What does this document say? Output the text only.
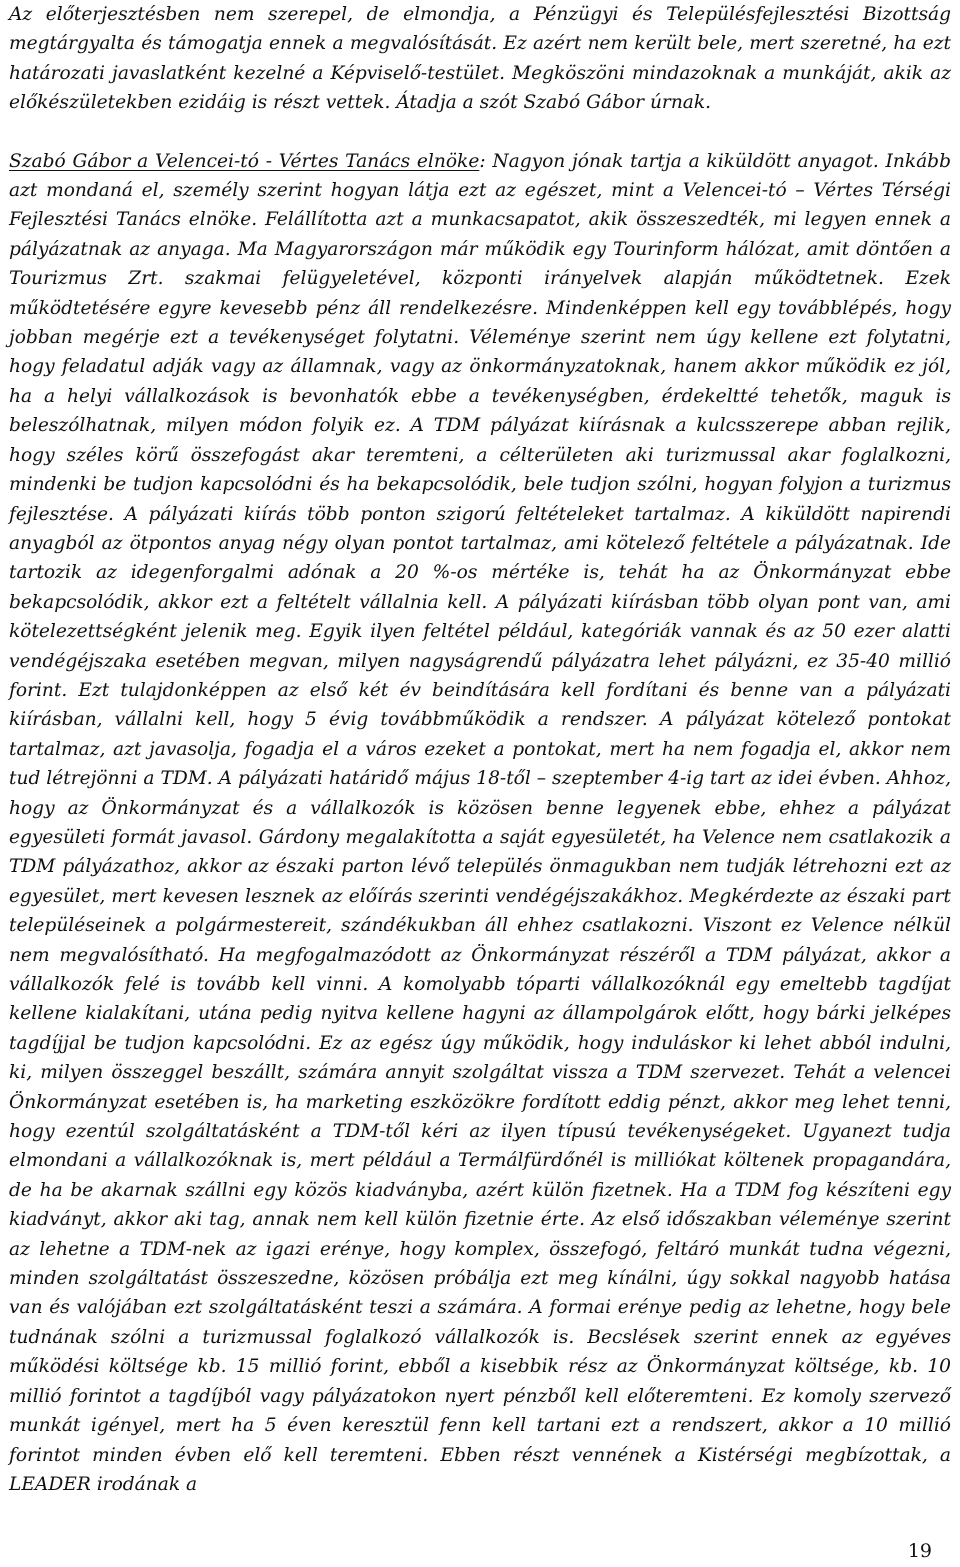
Az előterjesztésben nem szerepel, de elmondja, a Pénzügyi és Településfejlesztési Bizottság megtárgyalta és támogatja ennek a megvalósítását. Ez azért nem került bele, mert szeretné, ha ezt határozati javaslatként kezelné a Képviselő-testület. Megköszöni mindazoknak a munkáját, akik az előkészületekben ezidáig is részt vettek. Átadja a szót Szabó Gábor úrnak.

Szabó Gábor a Velencei-tó - Vértes Tanács elnöke: Nagyon jónak tartja a kiküldött anyagot. Inkább azt mondaná el, személy szerint hogyan látja ezt az egészet, mint a Velencei-tó – Vértes Térségi Fejlesztési Tanács elnöke. Felállította azt a munkacsapatot, akik összeszedték, mi legyen ennek a pályázatnak az anyaga. Ma Magyarországon már működik egy Tourinform hálózat, amit döntően a Tourizmus Zrt. szakmai felügyeletével, központi irányelvek alapján működtetnek. Ezek működtetésére egyre kevesebb pénz áll rendelkezésre. Mindenképpen kell egy továbblépés, hogy jobban megérje ezt a tevékenységet folytatni. Véleménye szerint nem úgy kellene ezt folytatni, hogy feladatul adják vagy az államnak, vagy az önkormányzatoknak, hanem akkor működik ez jól, ha a helyi vállalkozások is bevonhatók ebbe a tevékenységben, érdekeltté tehetők, maguk is beleszólhatnak, milyen módon folyik ez. A TDM pályázat kiírásnak a kulcsszerepe abban rejlik, hogy széles körű összefogást akar teremteni, a célterületen aki turizmussal akar foglalkozni, mindenki be tudjon kapcsolódni és ha bekapcsolódik, bele tudjon szólni, hogyan folyjon a turizmus fejlesztése. A pályázati kiírás több ponton szigorú feltételeket tartalmaz. A kiküldött napirendi anyagból az ötpontos anyag négy olyan pontot tartalmaz, ami kötelező feltétele a pályázatnak. Ide tartozik az idegenforgalmi adónak a 20 %-os mértéke is, tehát ha az Önkormányzat ebbe bekapcsolódik, akkor ezt a feltételt vállalnia kell. A pályázati kiírásban több olyan pont van, ami kötelezettségként jelenik meg. Egyik ilyen feltétel például, kategóriák vannak és az 50 ezer alatti vendégéjszaka esetében megvan, milyen nagyságrendű pályázatra lehet pályázni, ez 35-40 millió forint. Ezt tulajdonképpen az első két év beindítására kell fordítani és benne van a pályázati kiírásban, vállalni kell, hogy 5 évig továbbműködik a rendszer. A pályázat kötelező pontokat tartalmaz, azt javasolja, fogadja el a város ezeket a pontokat, mert ha nem fogadja el, akkor nem tud létrejönni a TDM. A pályázati határidő május 18-től – szeptember 4-ig tart az idei évben. Ahhoz, hogy az Önkormányzat és a vállalkozók is közösen benne legyenek ebbe, ehhez a pályázat egyesületi formát javasol. Gárdony megalakította a saját egyesületét, ha Velence nem csatlakozik a TDM pályázathoz, akkor az északi parton lévő település önmagukban nem tudják létrehozni ezt az egyesület, mert kevesen lesznek az előírás szerinti vendégéjszakákhoz. Megkérdezte az északi part településeinek a polgármestereit, szándékukban áll ehhez csatlakozni. Viszont ez Velence nélkül nem megvalósítható. Ha megfogalmazódott az Önkormányzat részéről a TDM pályázat, akkor a vállalkozók felé is tovább kell vinni. A komolyabb tóparti vállalkozóknál egy emeltebb tagdíjat kellene kialakítani, utána pedig nyitva kellene hagyni az állampolgárok előtt, hogy bárki jelképes tagdíjjal be tudjon kapcsolódni. Ez az egész úgy működik, hogy induláskor ki lehet abból indulni, ki, milyen összeggel beszállt, számára annyit szolgáltat vissza a TDM szervezet. Tehát a velencei Önkormányzat esetében is, ha marketing eszközökre fordított eddig pénzt, akkor meg lehet tenni, hogy ezentúl szolgáltatásként a TDM-től kéri az ilyen típusú tevékenységeket. Ugyanezt tudja elmondani a vállalkozóknak is, mert például a Termálfürdőnél is milliókat költenek propagandára, de ha be akarnak szállni egy közös kiadványba, azért külön fizetnek. Ha a TDM fog készíteni egy kiadványt, akkor aki tag, annak nem kell külön fizetnie érte. Az első időszakban véleménye szerint az lehetne a TDM-nek az igazi erénye, hogy komplex, összefogó, feltáró munkát tudna végezni, minden szolgáltatást összeszedne, közösen próbálja ezt meg kínálni, úgy sokkal nagyobb hatása van és valójában ezt szolgáltatásként teszi a számára. A formai erénye pedig az lehetne, hogy bele tudnának szólni a turizmussal foglalkozó vállalkozók is. Becslések szerint ennek az egyéves működési költsége kb. 15 millió forint, ebből a kisebbik rész az Önkormányzat költsége, kb. 10 millió forintot a tagdíjból vagy pályázatokon nyert pénzből kell előteremteni. Ez komoly szervező munkát igényel, mert ha 5 éven keresztül fenn kell tartani ezt a rendszert, akkor a 10 millió forintot minden évben elő kell teremteni. Ebben részt vennének a Kistérségi megbízottak, a LEADER irodának a

19
